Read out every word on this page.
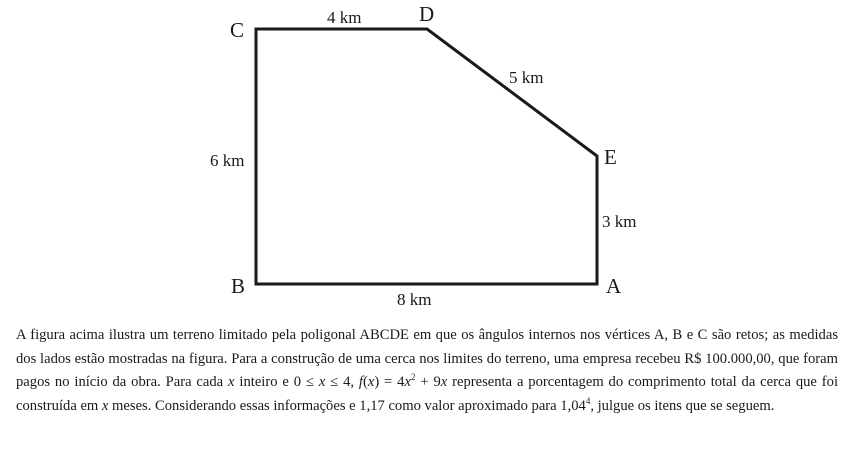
C
D
E
B	A
4 km
5 km
3 km
8 km
6 km

A figura acima ilustra um terreno limitado pela poligonal ABCDE em que os ângulos internos nos vértices A, B e C são retos; as medidas dos lados estão mostradas na figura. Para a construção de uma cerca nos limites do terreno, uma empresa recebeu R$ 100.000,00, que foram pagos no início da obra. Para cada x inteiro e 0 ≤ x ≤ 4, $f(x) = 4x^2 + 9x$ representa a porcentagem do comprimento total da cerca que foi construída em x meses. Considerando essas informações e 1,17 como valor aproximado para 1,04$^4$, julgue os itens que se seguem.
